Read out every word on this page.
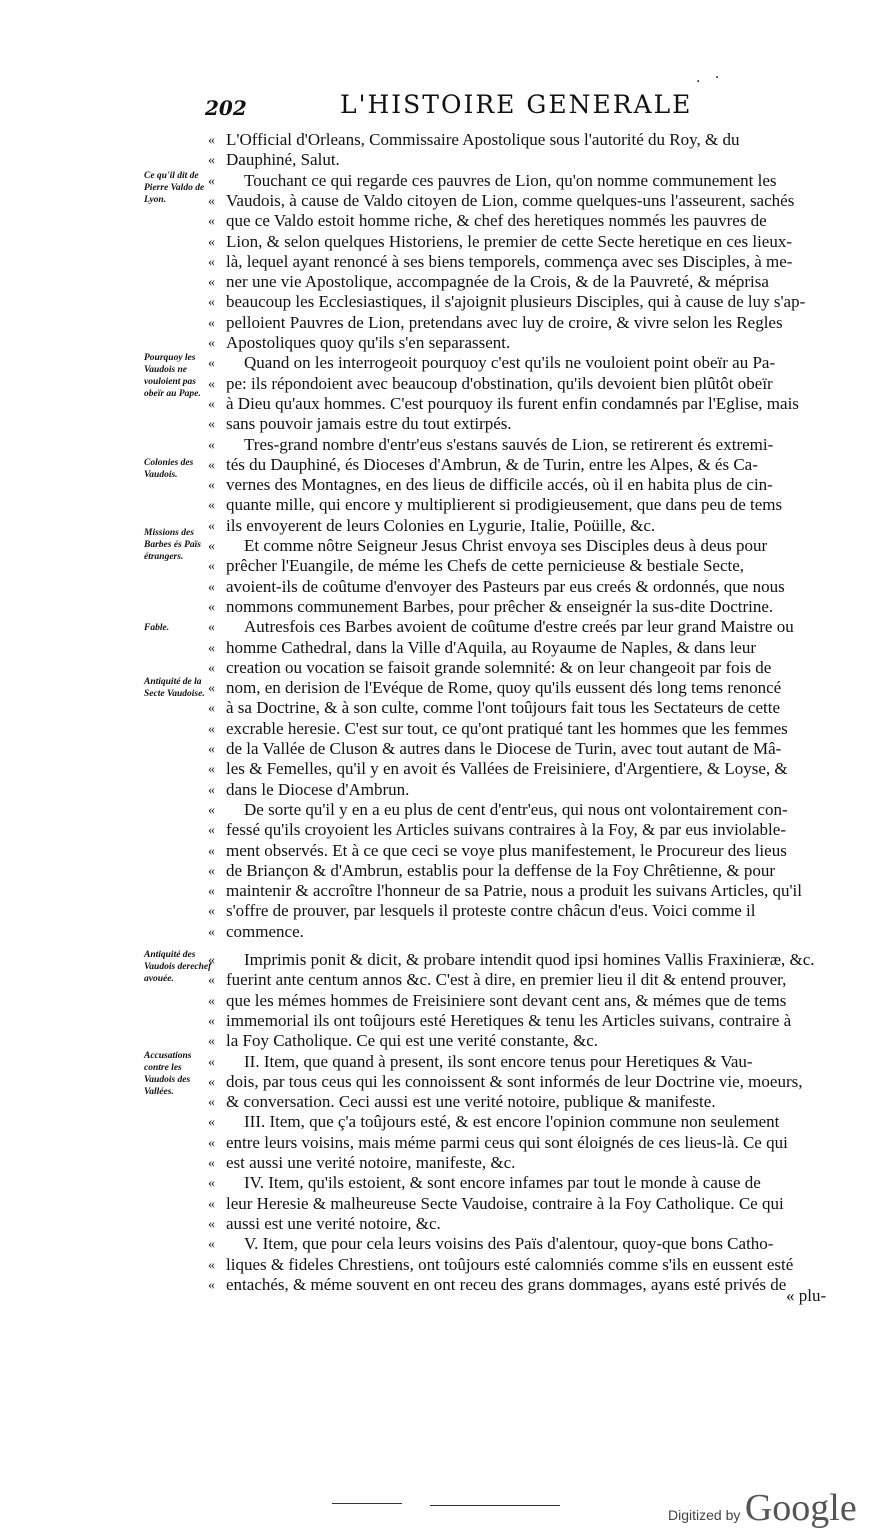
. ·
202	L'HISTOIRE GENERALE
Ce qu'il dit de Pierre Valdo de Lyon.
Pourquoy les Vaudois ne vouloient pas obeïr au Pape.
Colonies des Vaudois.
Missions des Barbes és Païs étrangers.
Fable.
Antiquité de la Secte Vaudoise.
Antiquité des Vaudois derechef avouée.
Accusations contre les Vaudois des Vallées.
« L'Official d'Orleans, Commissaire Apostolique sous l'autorité du Roy, & du
« Dauphiné, Salut.
«	Touchant ce qui regarde ces pauvres de Lion, qu'on nomme communement les
« Vaudois, à cause de Valdo citoyen de Lion, comme quelques-uns l'asseurent, sachés
« que ce Valdo estoit homme riche, & chef des heretiques nommés les pauvres de
« Lion, & selon quelques Historiens, le premier de cette Secte heretique en ces lieux-
« là, lequel ayant renoncé à ses biens temporels, commença avec ses Disciples, à me-
« ner une vie Apostolique, accompagnée de la Crois, & de la Pauvreté, & méprisa
« beaucoup les Ecclesiastiques, il s'ajoignit plusieurs Disciples, qui à cause de luy s'ap-
« pelloient Pauvres de Lion, pretendans avec luy de croire, & vivre selon les Regles
« Apostoliques quoy qu'ils s'en separassent.
«	Quand on les interrogeoit pourquoy c'est qu'ils ne vouloient point obeïr au Pa-
« pe: ils répondoient avec beaucoup d'obstination, qu'ils devoient bien plûtôt obeïr
« à Dieu qu'aux hommes. C'est pourquoy ils furent enfin condamnés par l'Eglise, mais
« sans pouvoir jamais estre du tout extirpés.
«	Tres-grand nombre d'entr'eus s'estans sauvés de Lion, se retirerent és extremi-
« tés du Dauphiné, és Dioceses d'Ambrun, & de Turin, entre les Alpes, & és Ca-
« vernes des Montagnes, en des lieus de difficile accés, où il en habita plus de cin-
« quante mille, qui encore y multiplierent si prodigieusement, que dans peu de tems
« ils envoyerent de leurs Colonies en Lygurie, Italie, Poüille, &c.
«	Et comme nôtre Seigneur Jesus Christ envoya ses Disciples deus à deus pour
« prêcher l'Euangile, de méme les Chefs de cette pernicieuse & bestiale Secte,
« avoient-ils de coûtume d'envoyer des Pasteurs par eus creés & ordonnés, que nous
« nommons communement Barbes, pour prêcher & enseignér la sus-dite Doctrine.
«	Autresfois ces Barbes avoient de coûtume d'estre creés par leur grand Maistre ou
« homme Cathedral, dans la Ville d'Aquila, au Royaume de Naples, & dans leur
« creation ou vocation se faisoit grande solemnité: & on leur changeoit par fois de
« nom, en derision de l'Evéque de Rome, quoy qu'ils eussent dés long tems renoncé
« à sa Doctrine, & à son culte, comme l'ont toûjours fait tous les Sectateurs de cette
« excrable heresie. C'est sur tout, ce qu'ont pratiqué tant les hommes que les femmes
« de la Vallée de Cluson & autres dans le Diocese de Turin, avec tout autant de Mâ-
« les & Femelles, qu'il y en avoit és Vallées de Freisiniere, d'Argentiere, & Loyse, &
« dans le Diocese d'Ambrun.
«	De sorte qu'il y en a eu plus de cent d'entr'eus, qui nous ont volontairement con-
« fessé qu'ils croyoient les Articles suivans contraires à la Foy, & par eus inviolable-
« ment observés. Et à ce que ceci se voye plus manifestement, le Procureur des lieus
« de Briançon & d'Ambrun, establis pour la deffense de la Foy Chrêtienne, & pour
« maintenir & accroître l'honneur de sa Patrie, nous a produit les suivans Articles, qu'il
« s'offre de prouver, par lesquels il proteste contre châcun d'eus. Voici comme il
« commence.
«	Imprimis ponit & dicit, & probare intendit quod ipsi homines Vallis Fraxinieræ, &c.
« fuerint ante centum annos &c. C'est à dire, en premier lieu il dit & entend prouver,
« que les mémes hommes de Freisiniere sont devant cent ans, & mémes que de tems
« immemorial ils ont toûjours esté Heretiques & tenu les Articles suivans, contraire à
« la Foy Catholique. Ce qui est une verité constante, &c.
«	II. Item, que quand à present, ils sont encore tenus pour Heretiques & Vau-
« dois, par tous ceus qui les connoissent & sont informés de leur Doctrine vie, moeurs,
« & conversation. Ceci aussi est une verité notoire, publique & manifeste.
«	III. Item, que ç'a toûjours esté, & est encore l'opinion commune non seulement
« entre leurs voisins, mais méme parmi ceus qui sont éloignés de ces lieus-là. Ce qui
« est aussi une verité notoire, manifeste, &c.
«	IV. Item, qu'ils estoient, & sont encore infames par tout le monde à cause de
« leur Heresie & malheureuse Secte Vaudoise, contraire à la Foy Catholique. Ce qui
« aussi est une verité notoire, &c.
«	V. Item, que pour cela leurs voisins des Païs d'alentour, quoy-que bons Catho-
« liques & fideles Chrestiens, ont toûjours esté calomniés comme s'ils en eussent esté
« entachés, & méme souvent en ont receu des grans dommages, ayans esté privés de
« plu-
Digitized by Google
